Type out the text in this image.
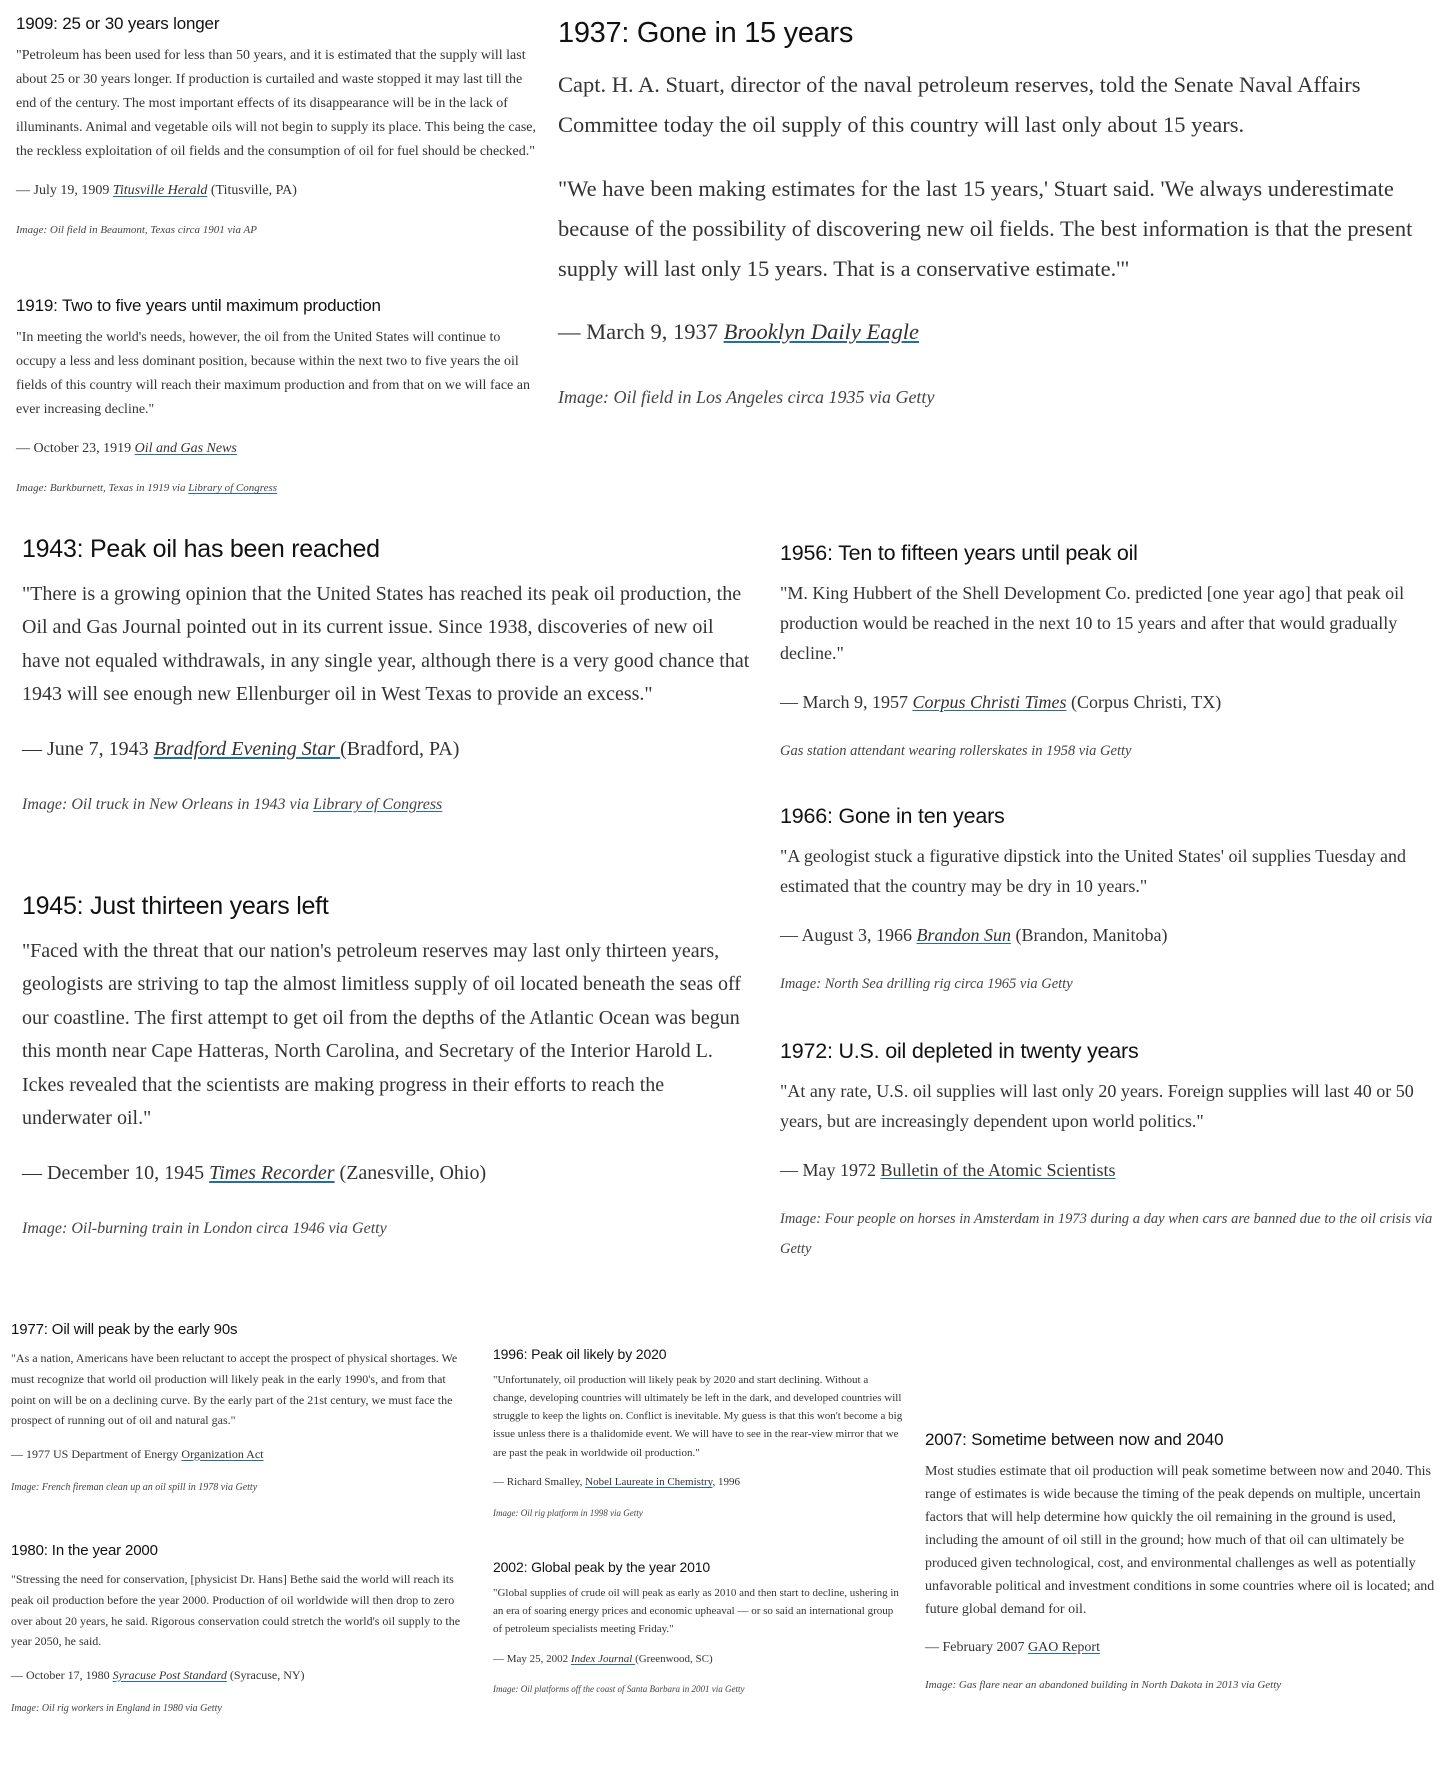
1909: 25 or 30 years longer

"Petroleum has been used for less than 50 years, and it is estimated that the supply will last about 25 or 30 years longer. If production is curtailed and waste stopped it may last till the end of the century. The most important effects of its disappearance will be in the lack of illuminants. Animal and vegetable oils will not begin to supply its place. This being the case, the reckless exploitation of oil fields and the consumption of oil for fuel should be checked."

— July 19, 1909 Titusville Herald (Titusville, PA)

Image: Oil field in Beaumont, Texas circa 1901 via AP

1919: Two to five years until maximum production

"In meeting the world's needs, however, the oil from the United States will continue to occupy a less and less dominant position, because within the next two to five years the oil fields of this country will reach their maximum production and from that on we will face an ever increasing decline."

— October 23, 1919 Oil and Gas News

Image: Burkburnett, Texas in 1919 via Library of Congress

1937: Gone in 15 years

Capt. H. A. Stuart, director of the naval petroleum reserves, told the Senate Naval Affairs Committee today the oil supply of this country will last only about 15 years.

"We have been making estimates for the last 15 years,' Stuart said. 'We always underestimate because of the possibility of discovering new oil fields. The best information is that the present supply will last only 15 years. That is a conservative estimate.'"

— March 9, 1937 Brooklyn Daily Eagle

Image: Oil field in Los Angeles circa 1935 via Getty

1943: Peak oil has been reached

"There is a growing opinion that the United States has reached its peak oil production, the Oil and Gas Journal pointed out in its current issue. Since 1938, discoveries of new oil have not equaled withdrawals, in any single year, although there is a very good chance that 1943 will see enough new Ellenburger oil in West Texas to provide an excess."

— June 7, 1943 Bradford Evening Star (Bradford, PA)

Image: Oil truck in New Orleans in 1943 via Library of Congress

1945: Just thirteen years left

"Faced with the threat that our nation's petroleum reserves may last only thirteen years, geologists are striving to tap the almost limitless supply of oil located beneath the seas off our coastline. The first attempt to get oil from the depths of the Atlantic Ocean was begun this month near Cape Hatteras, North Carolina, and Secretary of the Interior Harold L. Ickes revealed that the scientists are making progress in their efforts to reach the underwater oil."

— December 10, 1945 Times Recorder (Zanesville, Ohio)

Image: Oil-burning train in London circa 1946 via Getty

1956: Ten to fifteen years until peak oil

"M. King Hubbert of the Shell Development Co. predicted [one year ago] that peak oil production would be reached in the next 10 to 15 years and after that would gradually decline."

— March 9, 1957 Corpus Christi Times (Corpus Christi, TX)

Gas station attendant wearing rollerskates in 1958 via Getty

1966: Gone in ten years

"A geologist stuck a figurative dipstick into the United States' oil supplies Tuesday and estimated that the country may be dry in 10 years."

— August 3, 1966 Brandon Sun (Brandon, Manitoba)

Image: North Sea drilling rig circa 1965 via Getty

1972: U.S. oil depleted in twenty years

"At any rate, U.S. oil supplies will last only 20 years. Foreign supplies will last 40 or 50 years, but are increasingly dependent upon world politics."

— May 1972 Bulletin of the Atomic Scientists

Image: Four people on horses in Amsterdam in 1973 during a day when cars are banned due to the oil crisis via Getty

1977: Oil will peak by the early 90s

"As a nation, Americans have been reluctant to accept the prospect of physical shortages. We must recognize that world oil production will likely peak in the early 1990's, and from that point on will be on a declining curve. By the early part of the 21st century, we must face the prospect of running out of oil and natural gas."

— 1977 US Department of Energy Organization Act

Image: French fireman clean up an oil spill in 1978 via Getty

1980: In the year 2000

"Stressing the need for conservation, [physicist Dr. Hans] Bethe said the world will reach its peak oil production before the year 2000. Production of oil worldwide will then drop to zero over about 20 years, he said. Rigorous conservation could stretch the world's oil supply to the year 2050, he said.

— October 17, 1980 Syracuse Post Standard (Syracuse, NY)

Image: Oil rig workers in England in 1980 via Getty

1996: Peak oil likely by 2020

"Unfortunately, oil production will likely peak by 2020 and start declining. Without a change, developing countries will ultimately be left in the dark, and developed countries will struggle to keep the lights on. Conflict is inevitable. My guess is that this won't become a big issue unless there is a thalidomide event. We will have to see in the rear-view mirror that we are past the peak in worldwide oil production."

— Richard Smalley, Nobel Laureate in Chemistry, 1996

Image: Oil rig platform in 1998 via Getty

2002: Global peak by the year 2010

"Global supplies of crude oil will peak as early as 2010 and then start to decline, ushering in an era of soaring energy prices and economic upheaval — or so said an international group of petroleum specialists meeting Friday."

— May 25, 2002 Index Journal (Greenwood, SC)

Image: Oil platforms off the coast of Santa Barbara in 2001 via Getty

2007: Sometime between now and 2040

Most studies estimate that oil production will peak sometime between now and 2040. This range of estimates is wide because the timing of the peak depends on multiple, uncertain factors that will help determine how quickly the oil remaining in the ground is used, including the amount of oil still in the ground; how much of that oil can ultimately be produced given technological, cost, and environmental challenges as well as potentially unfavorable political and investment conditions in some countries where oil is located; and future global demand for oil.

— February 2007 GAO Report

Image: Gas flare near an abandoned building in North Dakota in 2013 via Getty
